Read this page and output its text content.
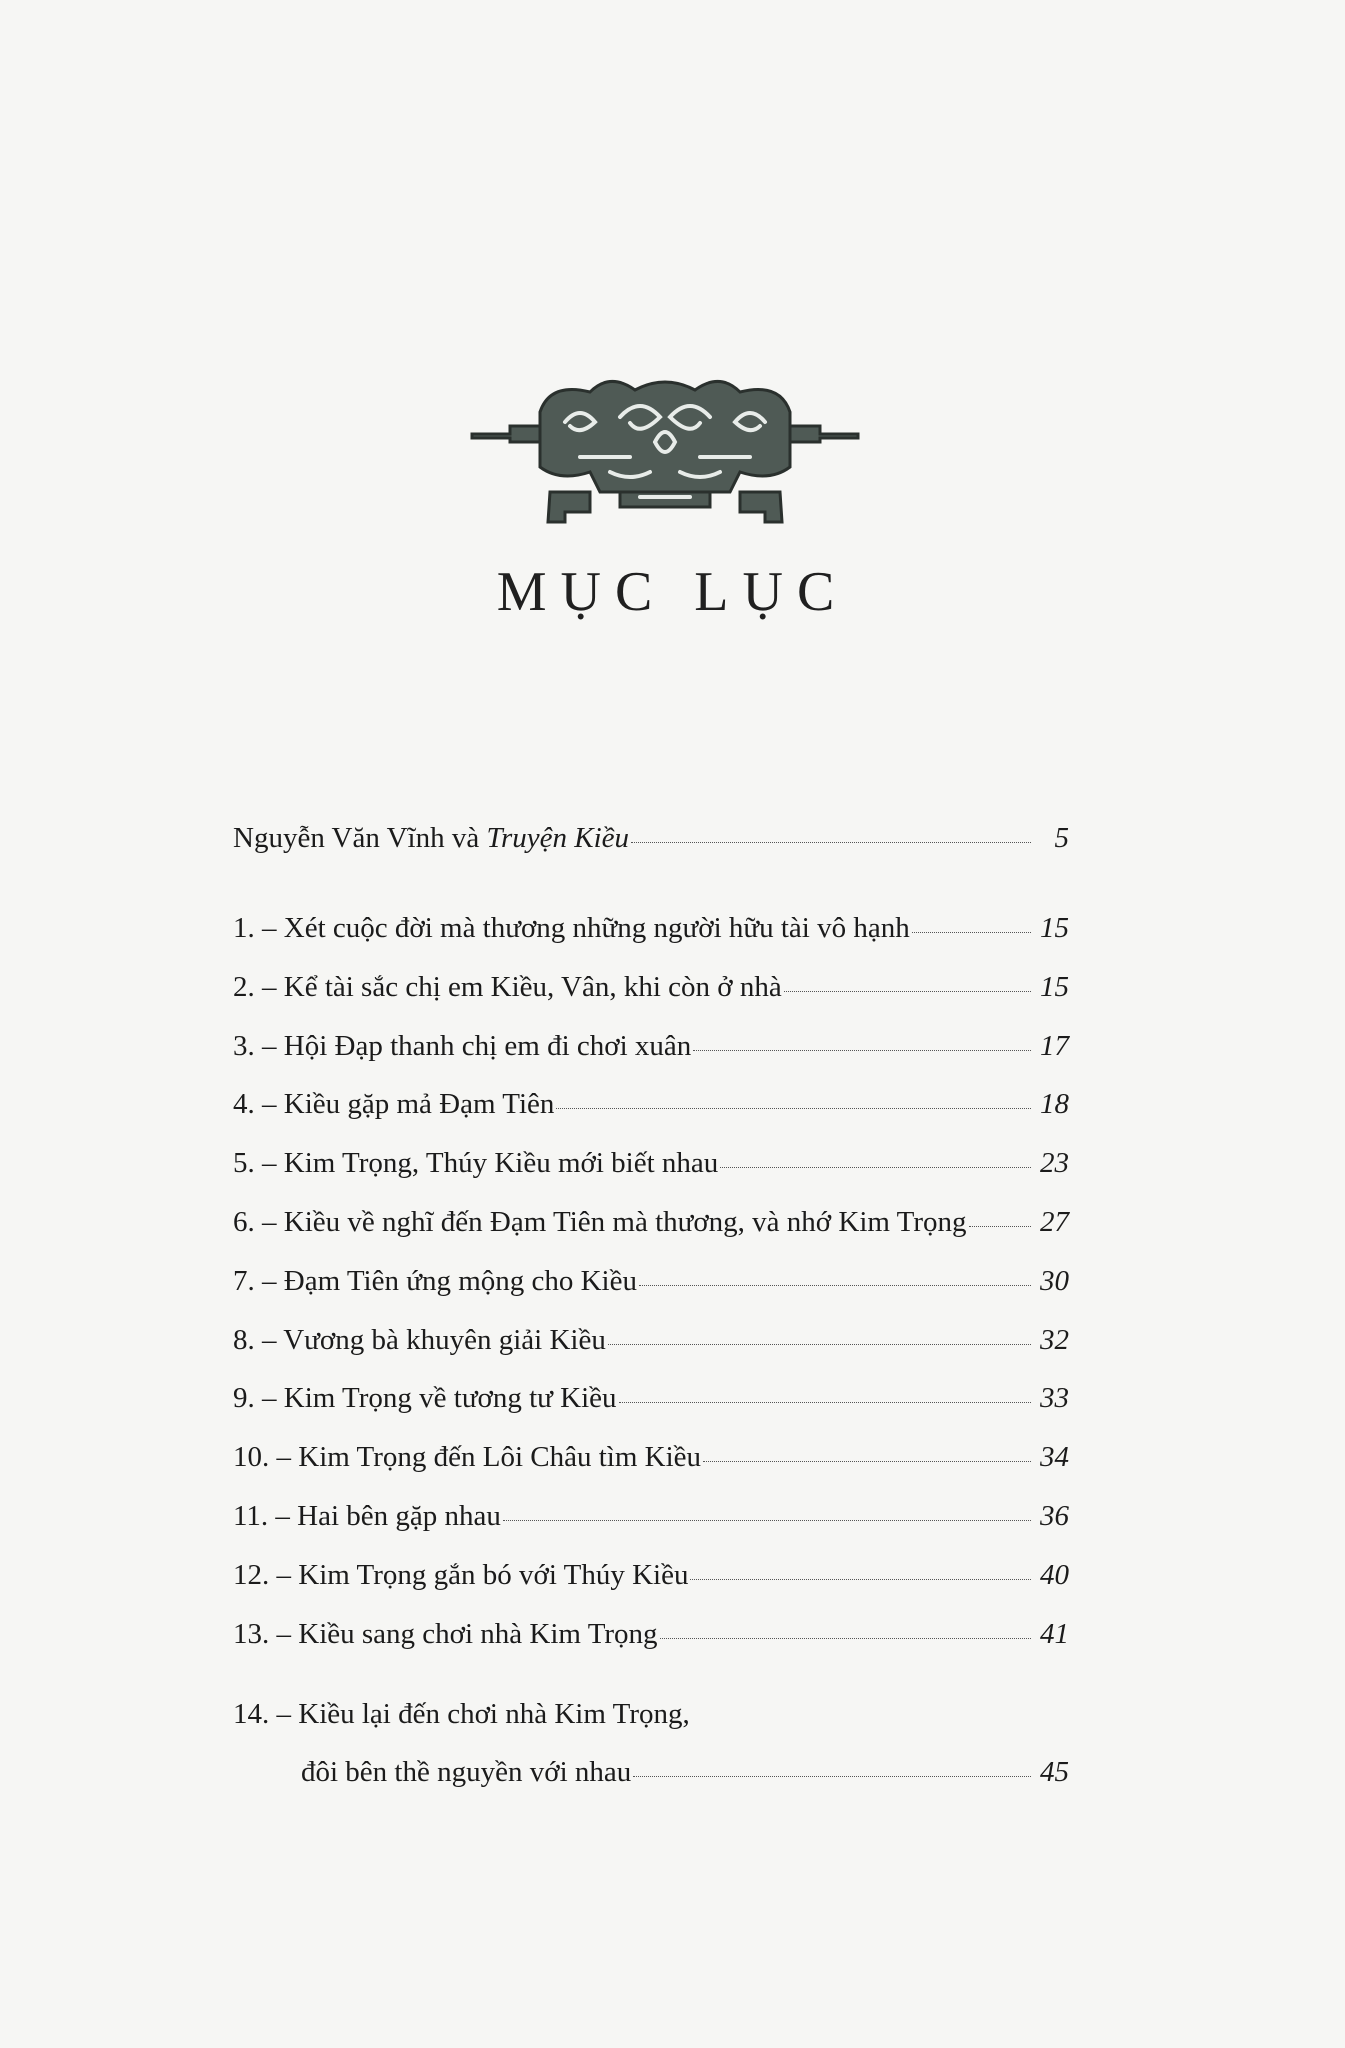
MỤC LỤC
Nguyễn Văn Vĩnh và Truyện Kiều	5
1. – Xét cuộc đời mà thương những người hữu tài vô hạnh	15
2. – Kể tài sắc chị em Kiều, Vân, khi còn ở nhà	15
3. – Hội Đạp thanh chị em đi chơi xuân	17
4. – Kiều gặp mả Đạm Tiên	18
5. – Kim Trọng, Thúy Kiều mới biết nhau	23
6. – Kiều về nghĩ đến Đạm Tiên mà thương, và nhớ Kim Trọng	27
7. – Đạm Tiên ứng mộng cho Kiều	30
8. – Vương bà khuyên giải Kiều	32
9. – Kim Trọng về tương tư Kiều	33
10. – Kim Trọng đến Lôi Châu tìm Kiều	34
11. – Hai bên gặp nhau	36
12. – Kim Trọng gắn bó với Thúy Kiều	40
13. – Kiều sang chơi nhà Kim Trọng	41
14. – Kiều lại đến chơi nhà Kim Trọng,
đôi bên thề nguyền với nhau	45
